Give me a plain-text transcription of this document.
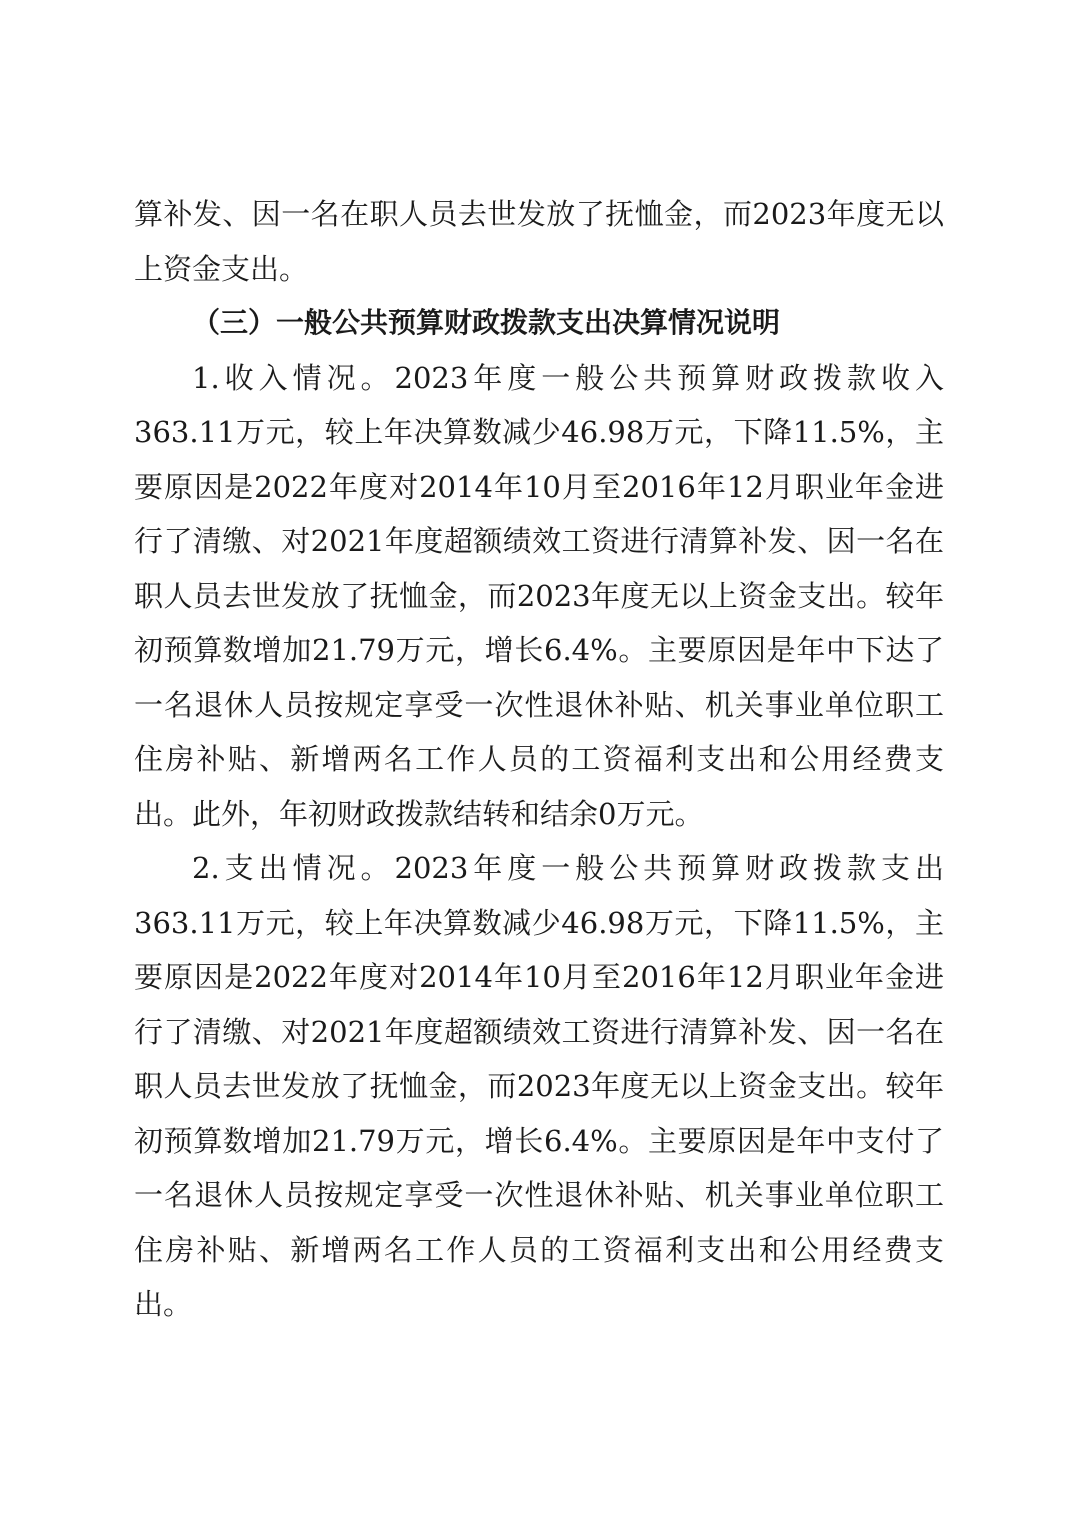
算补发、因一名在职人员去世发放了抚恤金，而2023年度无以上资金支出。

（三）一般公共预算财政拨款支出决算情况说明

1.收入情况。2023年度一般公共预算财政拨款收入363.11万元，较上年决算数减少46.98万元，下降11.5%，主要原因是2022年度对2014年10月至2016年12月职业年金进行了清缴、对2021年度超额绩效工资进行清算补发、因一名在职人员去世发放了抚恤金，而2023年度无以上资金支出。较年初预算数增加21.79万元，增长6.4%。主要原因是年中下达了一名退休人员按规定享受一次性退休补贴、机关事业单位职工住房补贴、新增两名工作人员的工资福利支出和公用经费支出。此外，年初财政拨款结转和结余0万元。

2.支出情况。2023年度一般公共预算财政拨款支出363.11万元，较上年决算数减少46.98万元，下降11.5%，主要原因是2022年度对2014年10月至2016年12月职业年金进行了清缴、对2021年度超额绩效工资进行清算补发、因一名在职人员去世发放了抚恤金，而2023年度无以上资金支出。较年初预算数增加21.79万元，增长6.4%。主要原因是年中支付了一名退休人员按规定享受一次性退休补贴、机关事业单位职工住房补贴、新增两名工作人员的工资福利支出和公用经费支出。
